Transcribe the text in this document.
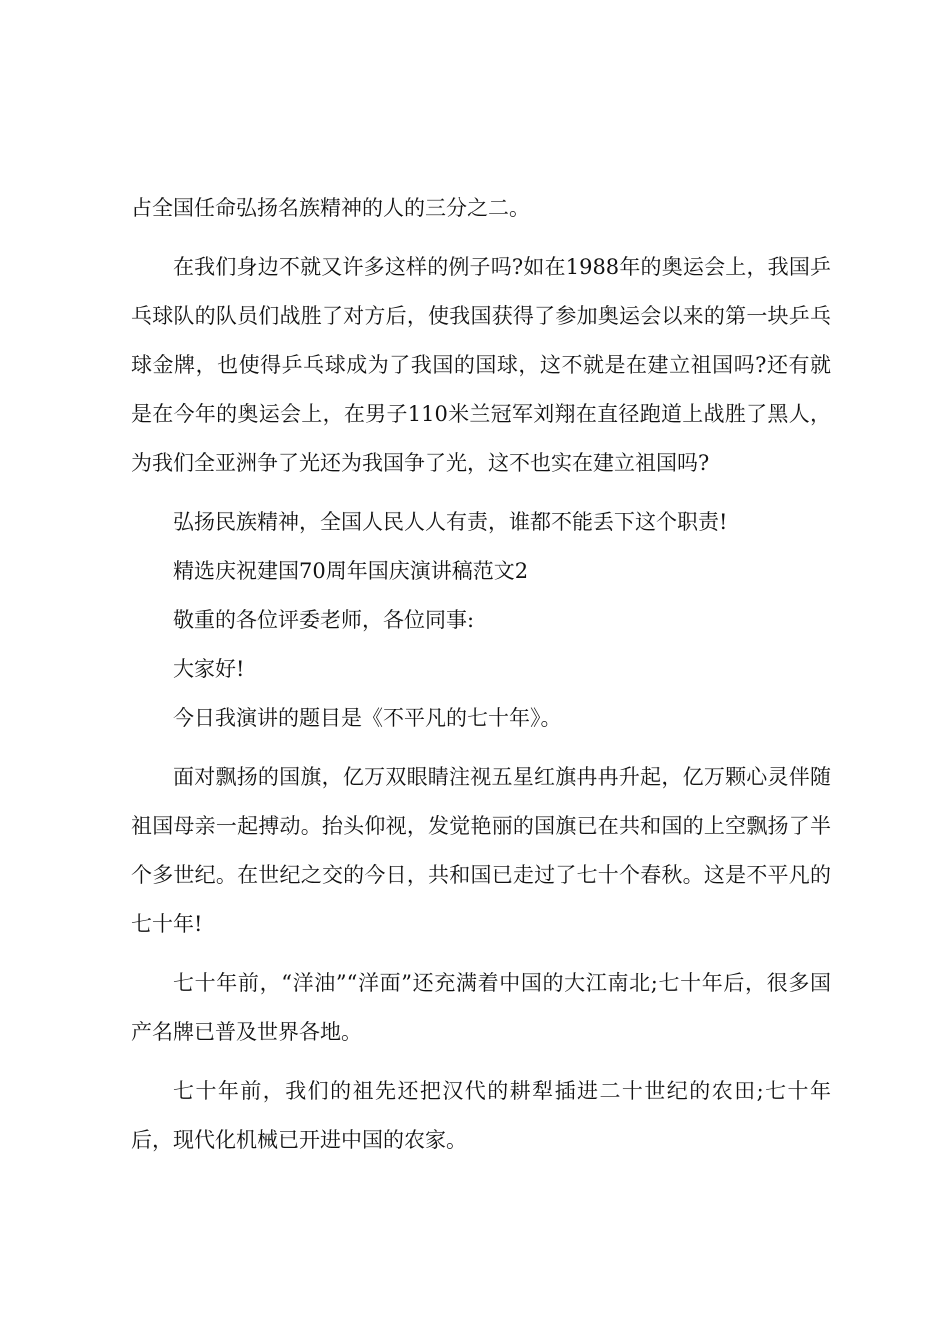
占全国任命弘扬名族精神的人的三分之二。

在我们身边不就又许多这样的例子吗?如在1988年的奥运会上，我国乒乓球队的队员们战胜了对方后，使我国获得了参加奥运会以来的第一块乒乓球金牌，也使得乒乓球成为了我国的国球，这不就是在建立祖国吗?还有就是在今年的奥运会上，在男子110米兰冠军刘翔在直径跑道上战胜了黑人，为我们全亚洲争了光还为我国争了光，这不也实在建立祖国吗?

弘扬民族精神，全国人民人人有责，谁都不能丢下这个职责!

精选庆祝建国70周年国庆演讲稿范文2

敬重的各位评委老师，各位同事:

大家好!

今日我演讲的题目是《不平凡的七十年》。

面对飘扬的国旗，亿万双眼睛注视五星红旗冉冉升起，亿万颗心灵伴随祖国母亲一起搏动。抬头仰视，发觉艳丽的国旗已在共和国的上空飘扬了半个多世纪。在世纪之交的今日，共和国已走过了七十个春秋。这是不平凡的七十年!

七十年前，“洋油”“洋面”还充满着中国的大江南北;七十年后，很多国产名牌已普及世界各地。

七十年前，我们的祖先还把汉代的耕犁插进二十世纪的农田;七十年后，现代化机械已开进中国的农家。
